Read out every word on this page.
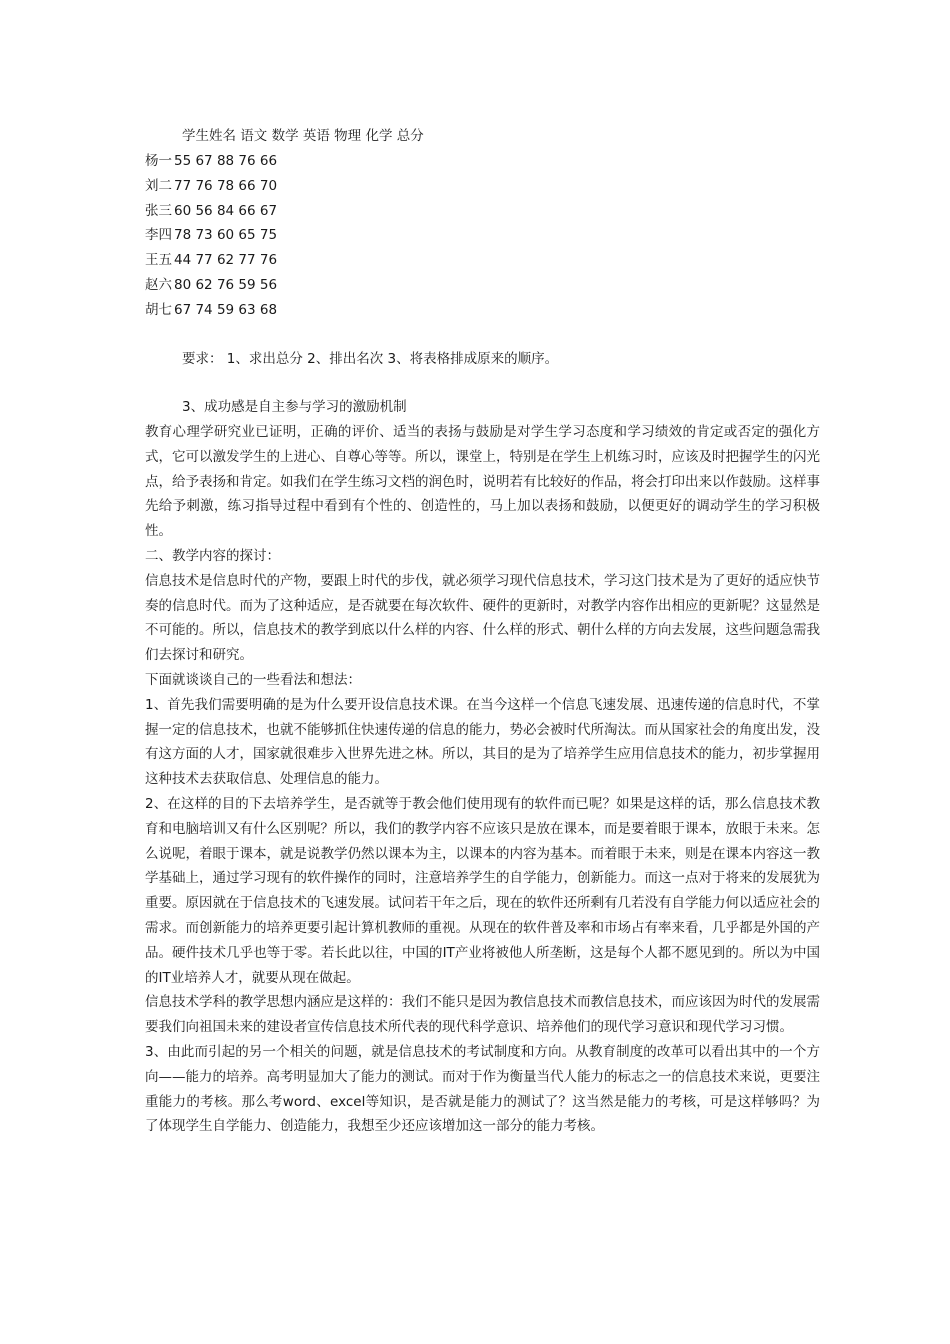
学生姓名 语文 数学 英语 物理 化学 总分
杨一 55 67 88 76 66
刘二 77 76 78 66 70
张三 60 56 84 66 67
李四 78 73 60 65 75
王五 44 77 62 77 76
赵六 80 62 76 59 56
胡七 67 74 59 63 68
要求： 1、求出总分 2、排出名次 3、将表格排成原来的顺序。
3、成功感是自主参与学习的激励机制
教育心理学研究业已证明，正确的评价、适当的表扬与鼓励是对学生学习态度和学习绩效的肯定或否定的强化方式，它可以激发学生的上进心、自尊心等等。所以，课堂上，特别是在学生上机练习时，应该及时把握学生的闪光点，给予表扬和肯定。如我们在学生练习文档的润色时，说明若有比较好的作品，将会打印出来以作鼓励。这样事先给予刺激，练习指导过程中看到有个性的、创造性的，马上加以表扬和鼓励，以便更好的调动学生的学习积极性。
二、教学内容的探讨：
信息技术是信息时代的产物，要跟上时代的步伐，就必须学习现代信息技术，学习这门技术是为了更好的适应快节奏的信息时代。而为了这种适应，是否就要在每次软件、硬件的更新时，对教学内容作出相应的更新呢？这显然是不可能的。所以，信息技术的教学到底以什么样的内容、什么样的形式、朝什么样的方向去发展，这些问题急需我们去探讨和研究。
下面就谈谈自己的一些看法和想法：
1、首先我们需要明确的是为什么要开设信息技术课。在当今这样一个信息飞速发展、迅速传递的信息时代，不掌握一定的信息技术，也就不能够抓住快速传递的信息的能力，势必会被时代所淘汰。而从国家社会的角度出发，没有这方面的人才，国家就很难步入世界先进之林。所以，其目的是为了培养学生应用信息技术的能力，初步掌握用这种技术去获取信息、处理信息的能力。
2、在这样的目的下去培养学生，是否就等于教会他们使用现有的软件而已呢？如果是这样的话，那么信息技术教育和电脑培训又有什么区别呢？所以，我们的教学内容不应该只是放在课本，而是要着眼于课本，放眼于未来。怎么说呢，着眼于课本，就是说教学仍然以课本为主，以课本的内容为基本。而着眼于未来，则是在课本内容这一教学基础上，通过学习现有的软件操作的同时，注意培养学生的自学能力，创新能力。而这一点对于将来的发展犹为重要。原因就在于信息技术的飞速发展。试问若干年之后，现在的软件还所剩有几若没有自学能力何以适应社会的需求。而创新能力的培养更要引起计算机教师的重视。从现在的软件普及率和市场占有率来看，几乎都是外国的产品。硬件技术几乎也等于零。若长此以往，中国的IT产业将被他人所垄断，这是每个人都不愿见到的。所以为中国的IT业培养人才，就要从现在做起。
信息技术学科的教学思想内涵应是这样的：我们不能只是因为教信息技术而教信息技术，而应该因为时代的发展需要我们向祖国未来的建设者宣传信息技术所代表的现代科学意识、培养他们的现代学习意识和现代学习习惯。
3、由此而引起的另一个相关的问题，就是信息技术的考试制度和方向。从教育制度的改革可以看出其中的一个方向——能力的培养。高考明显加大了能力的测试。而对于作为衡量当代人能力的标志之一的信息技术来说，更要注重能力的考核。那么考word、excel等知识，是否就是能力的测试了？这当然是能力的考核，可是这样够吗？为了体现学生自学能力、创造能力，我想至少还应该增加这一部分的能力考核。
